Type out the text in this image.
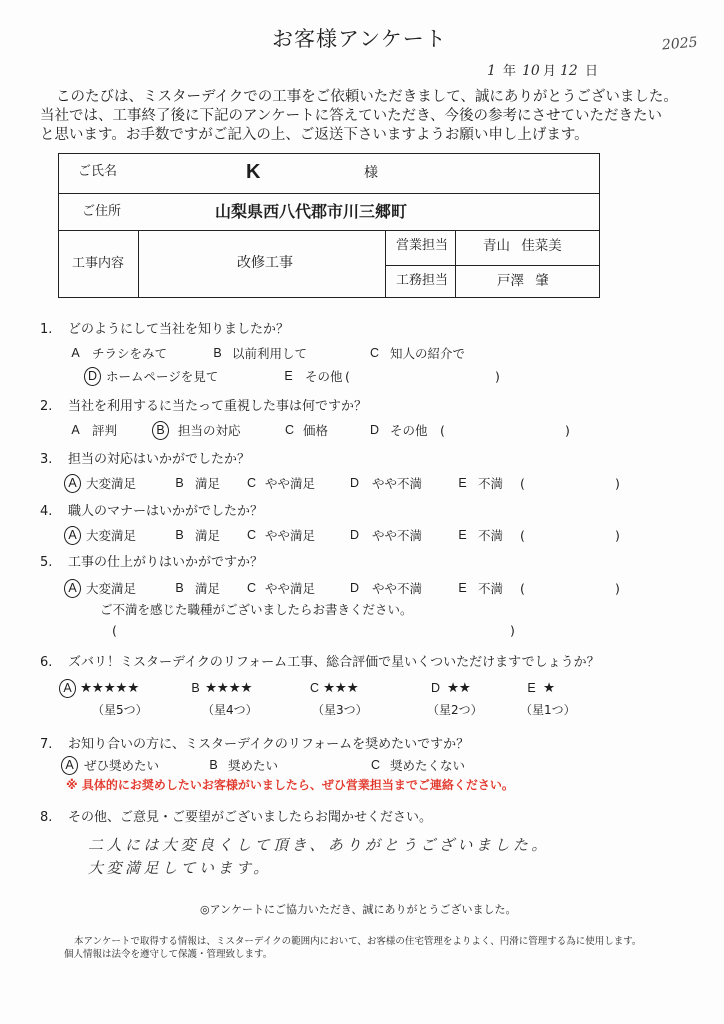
お客様アンケート	2025
1 年 10 月 12 日
このたびは、ミスターデイクでの工事をご依頼いただきまして、誠にありがとうございました。
当社では、工事終了後に下記のアンケートに答えていただき、今後の参考にさせていただきたい
と思います。お手数ですがご記入の上、ご返送下さいますようお願い申し上げます。
ご氏名	K	様
ご住所	山梨県西八代郡市川三郷町
工事内容	改修工事
営業担当	青山 佳菜美
工務担当	戸澤 肇
1. どのようにして当社を知りましたか？
A チラシをみて	B 以前利用して	C 知人の紹介で
D ホームページを見て	E その他 (	)
2. 当社を利用するに当たって重視した事は何ですか？
A 評判	B 担当の対応	C 価格	D その他 (	)
3. 担当の対応はいかがでしたか？
A 大変満足	B 満足 C やや満足	D やや不満	E 不満 (	)
4. 職人のマナーはいかがでしたか？
A 大変満足	B 満足 C やや満足	D やや不満	E 不満 (	)
5. 工事の仕上がりはいかがですか？
A 大変満足	B 満足 C やや満足	D やや不満	E 不満 (	)
ご不満を感じた職種がございましたらお書きください。
(	)
6. ズバリ！ミスターデイクのリフォーム工事、総合評価で星いくついただけますでしょうか？
A ★★★★★	B ★★★★	C ★★★	D ★★	E ★
（星5つ）	（星4つ）	（星3つ）	（星2つ）	（星1つ）
7. お知り合いの方に、ミスターデイクのリフォームを奨めたいですか？
A ぜひ奨めたい	B 奨めたい	C 奨めたくない
※ 具体的にお奨めしたいお客様がいましたら、ぜひ営業担当までご連絡ください。
8. その他、ご意見・ご要望がございましたらお聞かせください。
二人には大変良くして頂き、ありがとうございました。
大変満足しています。
◎アンケートにご協力いただき、誠にありがとうございました。
本アンケートで取得する情報は、ミスターデイクの範囲内において、お客様の住宅管理をよりよく、円滑に管理する為に使用します。
個人情報は法令を遵守して保護・管理致します。
